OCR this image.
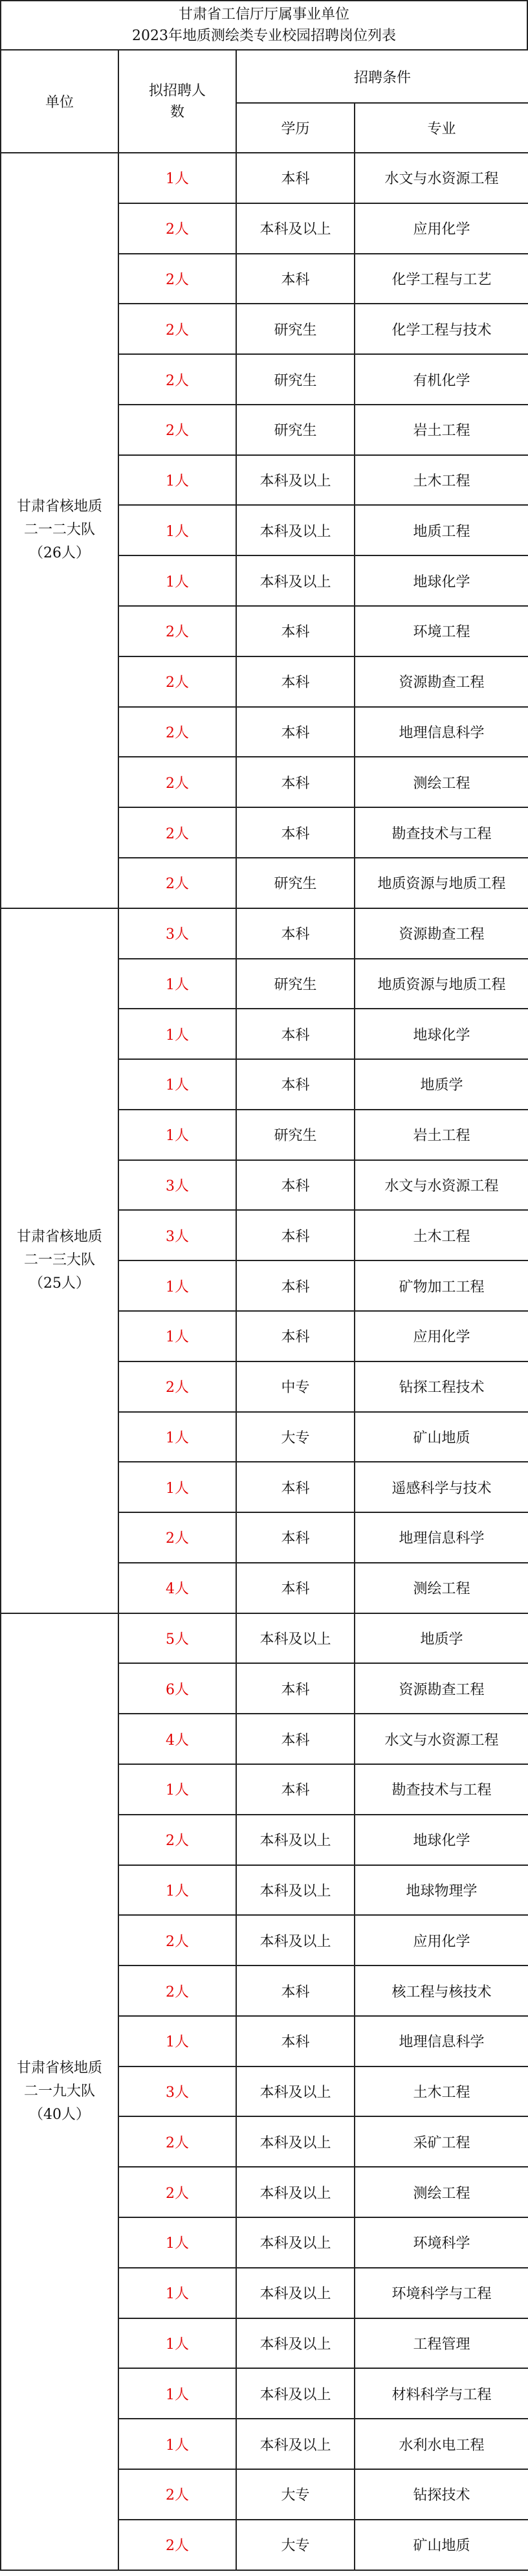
甘肃省工信厅厅属事业单位
2023年地质测绘类专业校园招聘岗位列表
单位	拟招聘人数	招聘条件	
		学历	专业

甘肃省核地质
二一二大队
（26人）	1人	本科	水文与水资源工程
	2人	本科及以上	应用化学
	2人	本科	化学工程与工艺
	2人	研究生	化学工程与技术
	2人	研究生	有机化学
	2人	研究生	岩土工程
	1人	本科及以上	土木工程
	1人	本科及以上	地质工程
	1人	本科及以上	地球化学
	2人	本科	环境工程
	2人	本科	资源勘查工程
	2人	本科	地理信息科学
	2人	本科	测绘工程
	2人	本科	勘查技术与工程
	2人	研究生	地质资源与地质工程

甘肃省核地质
二一三大队
（25人）	3人	本科	资源勘查工程
	1人	研究生	地质资源与地质工程
	1人	本科	地球化学
	1人	本科	地质学
	1人	研究生	岩土工程
	3人	本科	水文与水资源工程
	3人	本科	土木工程
	1人	本科	矿物加工工程
	1人	本科	应用化学
	2人	中专	钻探工程技术
	1人	大专	矿山地质
	1人	本科	遥感科学与技术
	2人	本科	地理信息科学
	4人	本科	测绘工程

甘肃省核地质
二一九大队
（40人）	5人	本科及以上	地质学
	6人	本科	资源勘查工程
	4人	本科	水文与水资源工程
	1人	本科	勘查技术与工程
	2人	本科及以上	地球化学
	1人	本科及以上	地球物理学
	2人	本科及以上	应用化学
	2人	本科	核工程与核技术
	1人	本科	地理信息科学
	3人	本科及以上	土木工程
	2人	本科及以上	采矿工程
	2人	本科及以上	测绘工程
	1人	本科及以上	环境科学
	1人	本科及以上	环境科学与工程
	1人	本科及以上	工程管理
	1人	本科及以上	材料科学与工程
	1人	本科及以上	水利水电工程
	2人	大专	钻探技术
	2人	大专	矿山地质
